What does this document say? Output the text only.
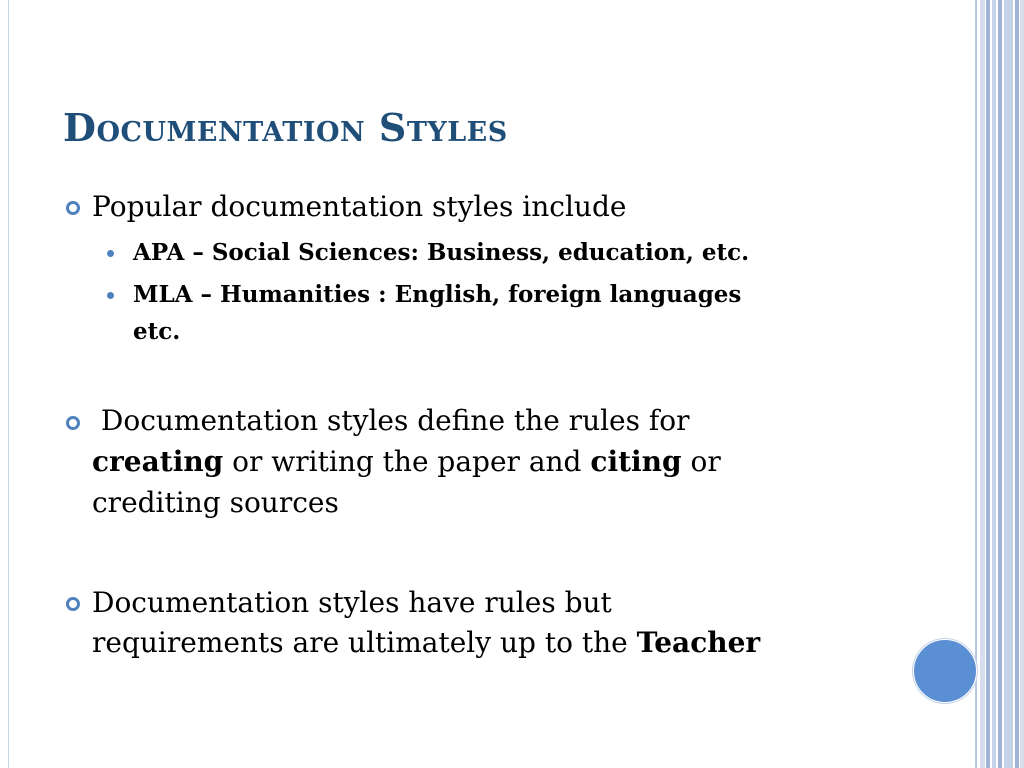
Documentation Styles
Popular documentation styles include
APA – Social Sciences: Business, education, etc.
MLA – Humanities : English, foreign languages
etc.
Documentation styles define the rules for
creating or writing the paper and citing or
crediting sources
Documentation styles have rules but
requirements are ultimately up to the Teacher
